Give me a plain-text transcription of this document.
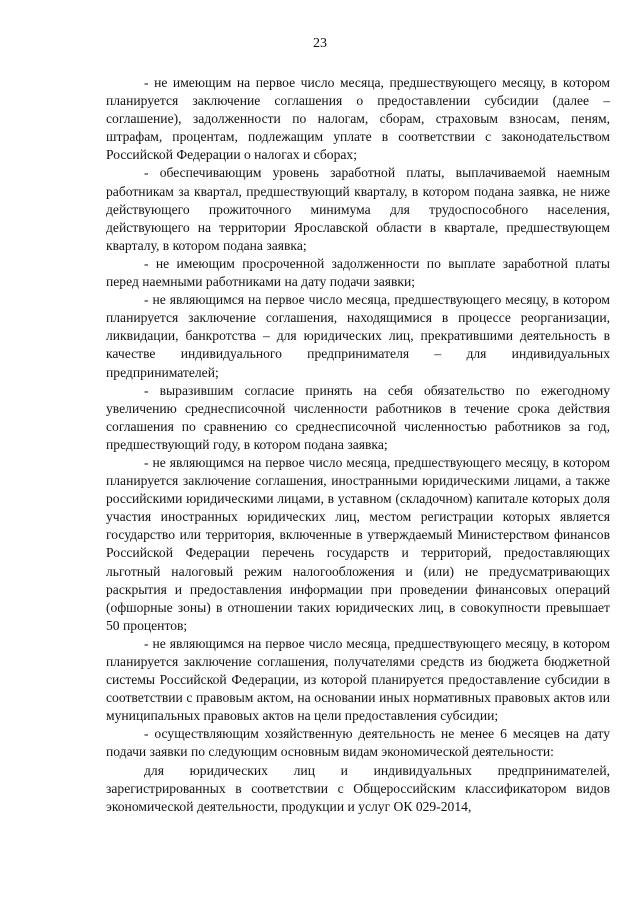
23

- не имеющим на первое число месяца, предшествующего месяцу, в котором планируется заключение соглашения о предоставлении субсидии (далее – соглашение), задолженности по налогам, сборам, страховым взносам, пеням, штрафам, процентам, подлежащим уплате в соответствии с законодательством Российской Федерации о налогах и сборах;

- обеспечивающим уровень заработной платы, выплачиваемой наемным работникам за квартал, предшествующий кварталу, в котором подана заявка, не ниже действующего прожиточного минимума для трудоспособного населения, действующего на территории Ярославской области в квартале, предшествующем кварталу, в котором подана заявка;

- не имеющим просроченной задолженности по выплате заработной платы перед наемными работниками на дату подачи заявки;

- не являющимся на первое число месяца, предшествующего месяцу, в котором планируется заключение соглашения, находящимися в процессе реорганизации, ликвидации, банкротства – для юридических лиц, прекратившими деятельность в качестве индивидуального предпринимателя – для индивидуальных предпринимателей;

- выразившим согласие принять на себя обязательство по ежегодному увеличению среднесписочной численности работников в течение срока действия соглашения по сравнению со среднесписочной численностью работников за год, предшествующий году, в котором подана заявка;

- не являющимся на первое число месяца, предшествующего месяцу, в котором планируется заключение соглашения, иностранными юридическими лицами, а также российскими юридическими лицами, в уставном (складочном) капитале которых доля участия иностранных юридических лиц, местом регистрации которых является государство или территория, включенные в утверждаемый Министерством финансов Российской Федерации перечень государств и территорий, предоставляющих льготный налоговый режим налогообложения и (или) не предусматривающих раскрытия и предоставления информации при проведении финансовых операций (офшорные зоны) в отношении таких юридических лиц, в совокупности превышает 50 процентов;

- не являющимся на первое число месяца, предшествующего месяцу, в котором планируется заключение соглашения, получателями средств из бюджета бюджетной системы Российской Федерации, из которой планируется предоставление субсидии в соответствии с правовым актом, на основании иных нормативных правовых актов или муниципальных правовых актов на цели предоставления субсидии;

- осуществляющим хозяйственную деятельность не менее 6 месяцев на дату подачи заявки по следующим основным видам экономической деятельности:

для юридических лиц и индивидуальных предпринимателей, зарегистрированных в соответствии с Общероссийским классификатором видов экономической деятельности, продукции и услуг ОК 029-2014,
